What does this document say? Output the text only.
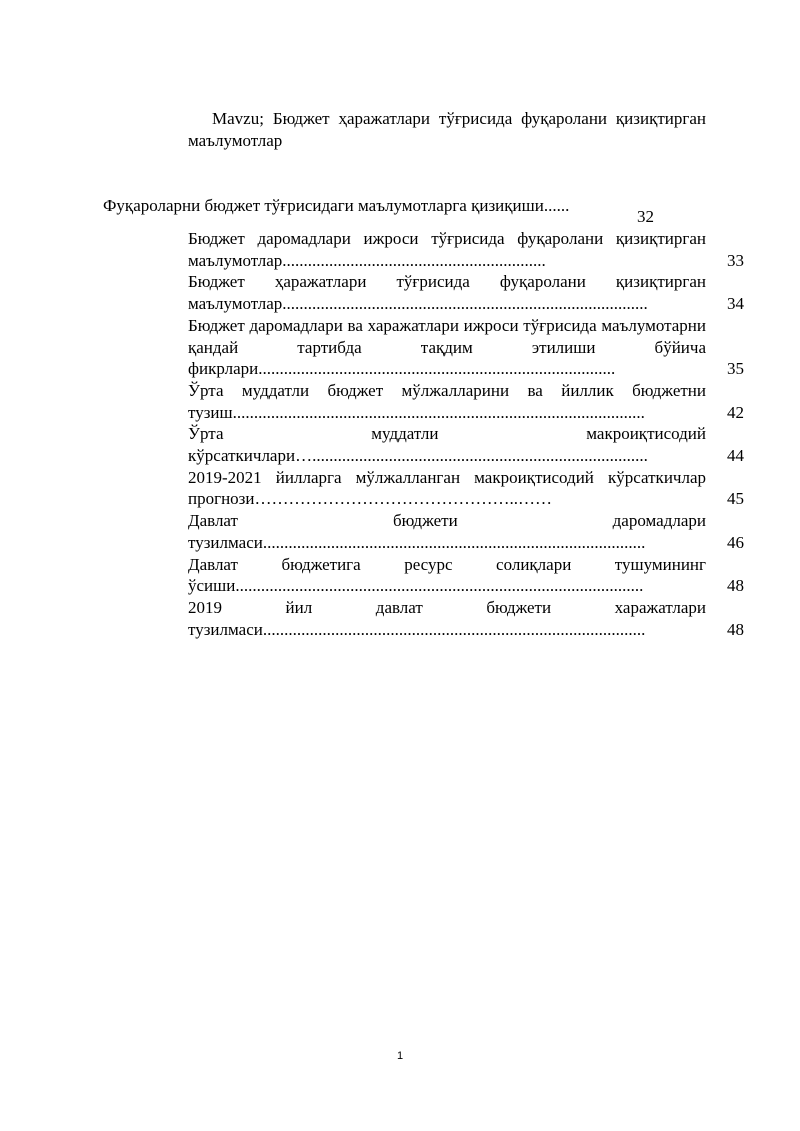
Mavzu; Бюджет ҳаражатлари тўғрисида фуқаролани қизиқтирган маълумотлар
Фуқароларни бюджет тўғрисидаги маълумотларга қизиқиши......
32
Бюджет даромадлари ижроси тўғрисида фуқаролани қизиқтирган маълумотлар..............................................................	33
Бюджет ҳаражатлари тўғрисида фуқаролани қизиқтирган маълумотлар......................................................................................	34
Бюджет даромадлари ва харажатлари ижроси тўғрисида маълумотарни қандай тартибда тақдим этилиши бўйича фикрлари....................................................................................	35
Ўрта муддатли бюджет мўлжалларини ва йиллик бюджетни тузиш.................................................................................................	42
Ўрта муддатли макроиқтисодий кўрсаткичлари…...............................................................................	44
2019-2021 йилларга мўлжалланган макроиқтисодий кўрсаткичлар прогнози………………………………………..……	45
Давлат бюджети даромадлари тузилмаси..........................................................................................	46
Давлат бюджетига ресурс солиқлари тушумининг ўсиши................................................................................................	48
2019 йил давлат бюджети харажатлари тузилмаси..........................................................................................	48
1
